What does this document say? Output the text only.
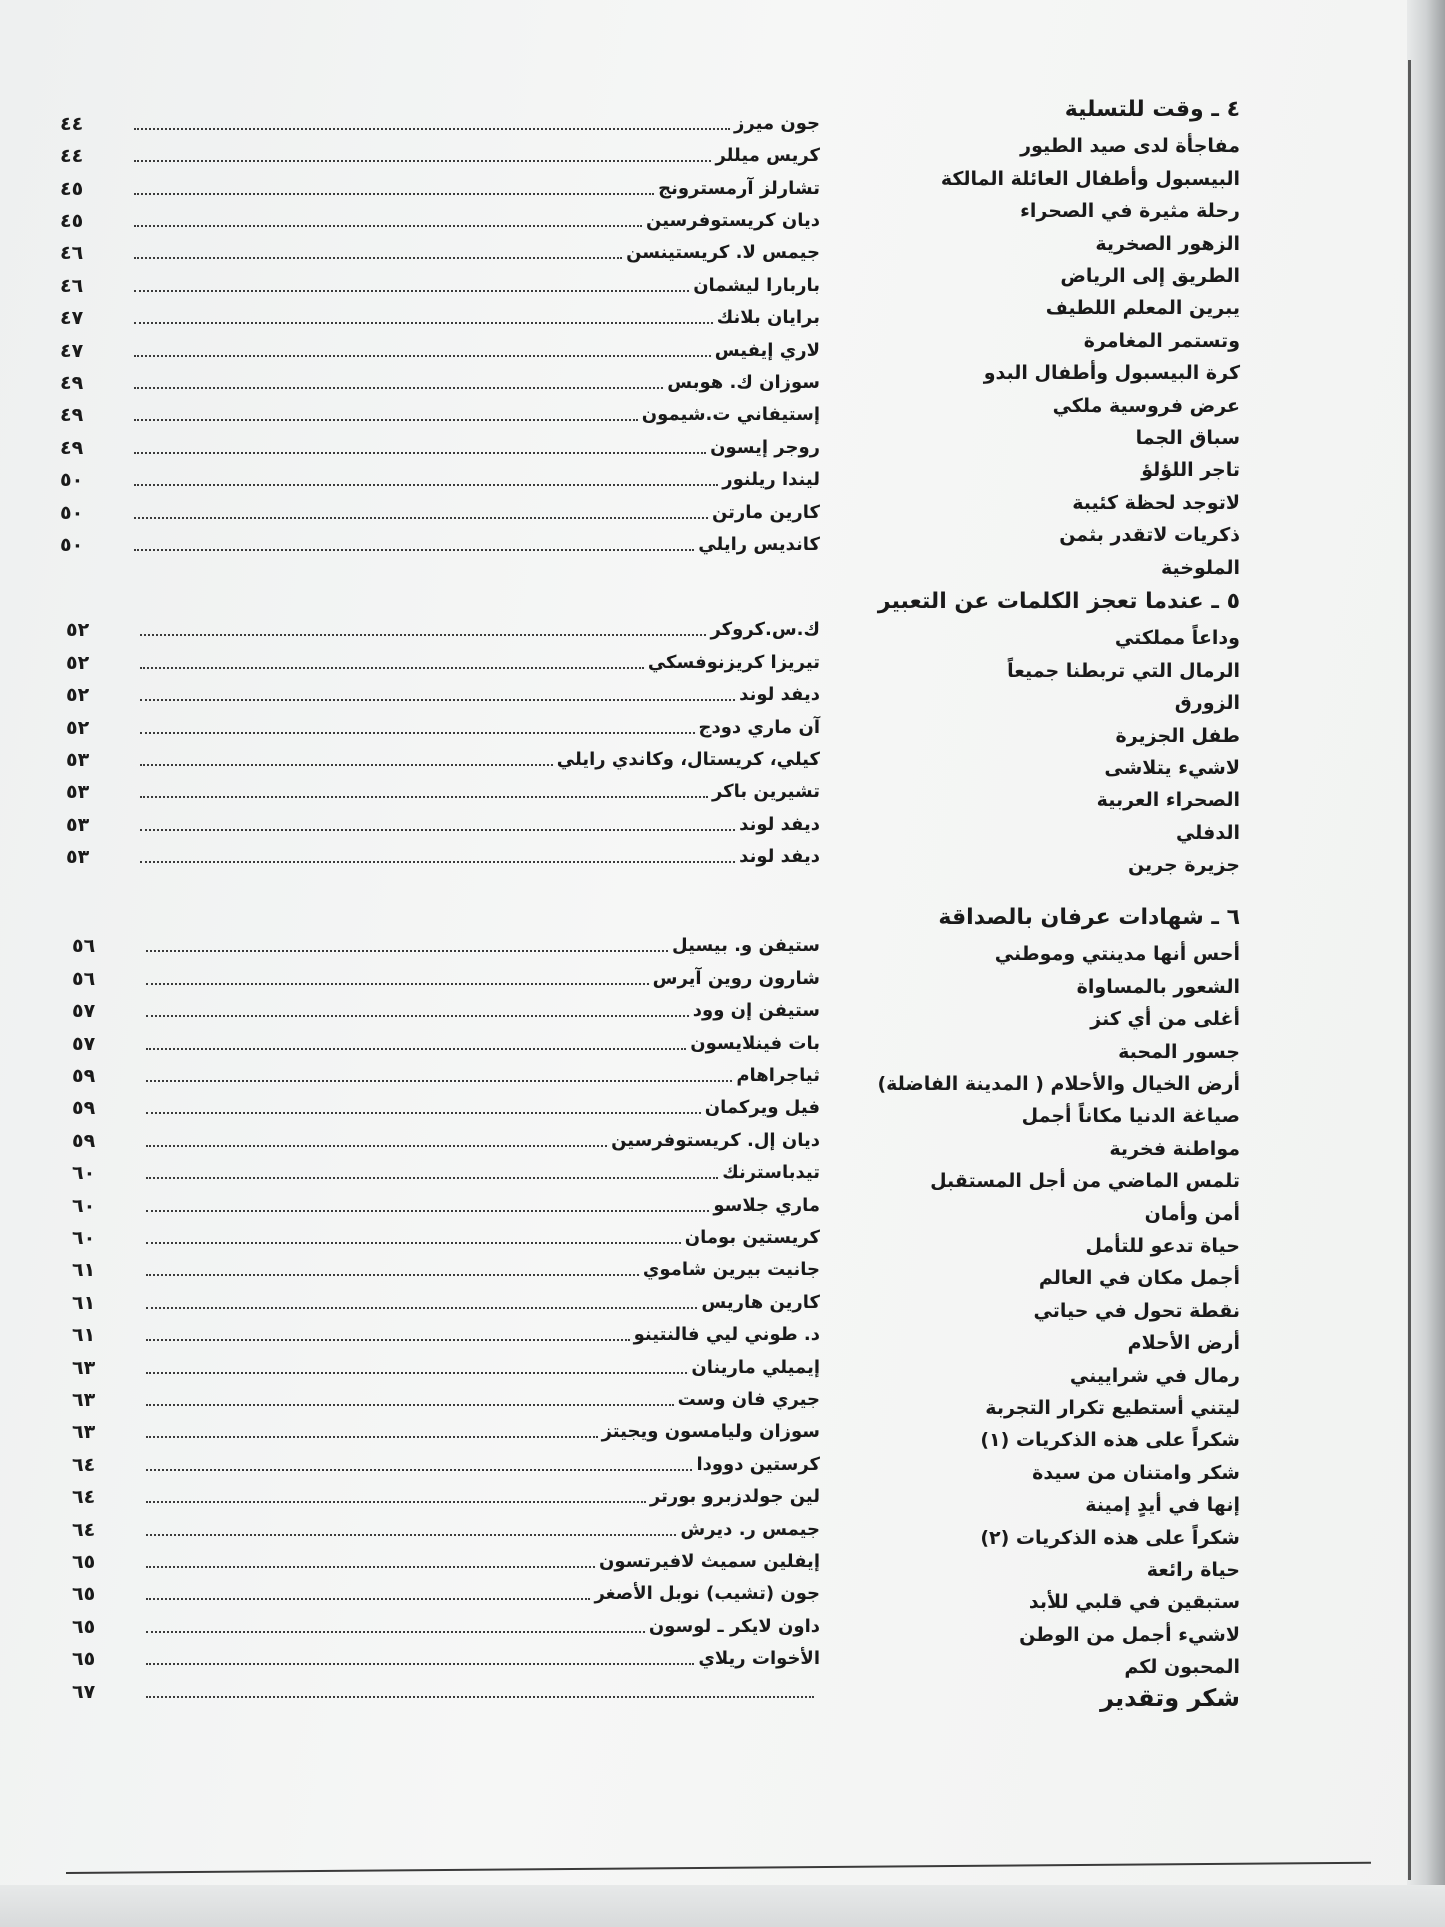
٤ ـ وقت للتسلية
مفاجأة لدى صيد الطيور
البيسبول وأطفال العائلة المالكة
رحلة مثيرة في الصحراء
الزهور الصخرية
الطريق إلى الرياض
يبرين المعلم اللطيف
وتستمر المغامرة
كرة البيسبول وأطفال البدو
عرض فروسية ملكي
سباق الجما
تاجر اللؤلؤ
لاتوجد لحظة كئيبة
ذكريات لاتقدر بثمن
الملوخية
٥ ـ عندما تعجز الكلمات عن التعبير
وداعاً مملكتي
الرمال التي تربطنا جميعاً
الزورق
طفل الجزيرة
لاشيء يتلاشى
الصحراء العربية
الدفلي
جزيرة جرين
٦ ـ شهادات عرفان بالصداقة
أحس أنها مدينتي وموطني
الشعور بالمساواة
أغلى من أي كنز
جسور المحبة
أرض الخيال والأحلام ( المدينة الفاضلة)
صياغة الدنيا مكاناً أجمل
مواطنة فخرية
تلمس الماضي من أجل المستقبل
أمن وأمان
حياة تدعو للتأمل
أجمل مكان في العالم
نقطة تحول في حياتي
أرض الأحلام
رمال في شراييني
ليتني أستطيع تكرار التجربة
شكراً على هذه الذكريات (١)
شكر وامتنان من سيدة
إنها في أيدٍ إمينة
شكراً على هذه الذكريات (٢)
حياة رائعة
ستبقين في قلبي للأبد
لاشيء أجمل من الوطن
المحبون لكم
شكر وتقدير
جون ميرز
كريس ميللر
تشارلز آرمسترونج
ديان كريستوفرسين
جيمس لا. كريستينسن
باربارا ليشمان
برايان بلانك
لاري إيفيس
سوزان ك. هوبس
إستيفاني ت.شيمون
روجر إيسون
ليندا ريلنور
كارين مارتن
كانديس رايلي
ك.س.كروكر
تيريزا كريزنوفسكي
ديفد لوند
آن ماري دودج
كيلي، كريستال، وكاندي رايلي
تشيرين باكر
ديفد لوند
ديفد لوند
ستيفن و. بيسيل
شارون روين آيرس
ستيفن إن وود
بات فينلايسون
ثياجراهام
فيل ويركمان
ديان إل. كريستوفرسين
تيدباسترنك
ماري جلاسو
كريستين بومان
جانيت بيرين شاموي
كارين هاريس
د. طوني ليي فالنتينو
إيميلي مارينان
جيري فان وست
سوزان وليامسون ويجيتز
كرستين دوودا
لين جولدزبرو بورتر
جيمس ر. ديرش
إيفلين سميث لافيرتسون
جون (تشيب) نوبل الأصغر
داون لايكر ـ لوسون
الأخوات ريلاي
٤٤
٤٤
٤٥
٤٥
٤٦
٤٦
٤٧
٤٧
٤٩
٤٩
٤٩
٥٠
٥٠
٥٠
٥٢
٥٢
٥٢
٥٢
٥٣
٥٣
٥٣
٥٣
٥٦
٥٦
٥٧
٥٧
٥٩
٥٩
٥٩
٦٠
٦٠
٦٠
٦١
٦١
٦١
٦٣
٦٣
٦٣
٦٤
٦٤
٦٤
٦٥
٦٥
٦٥
٦٥
٦٧
